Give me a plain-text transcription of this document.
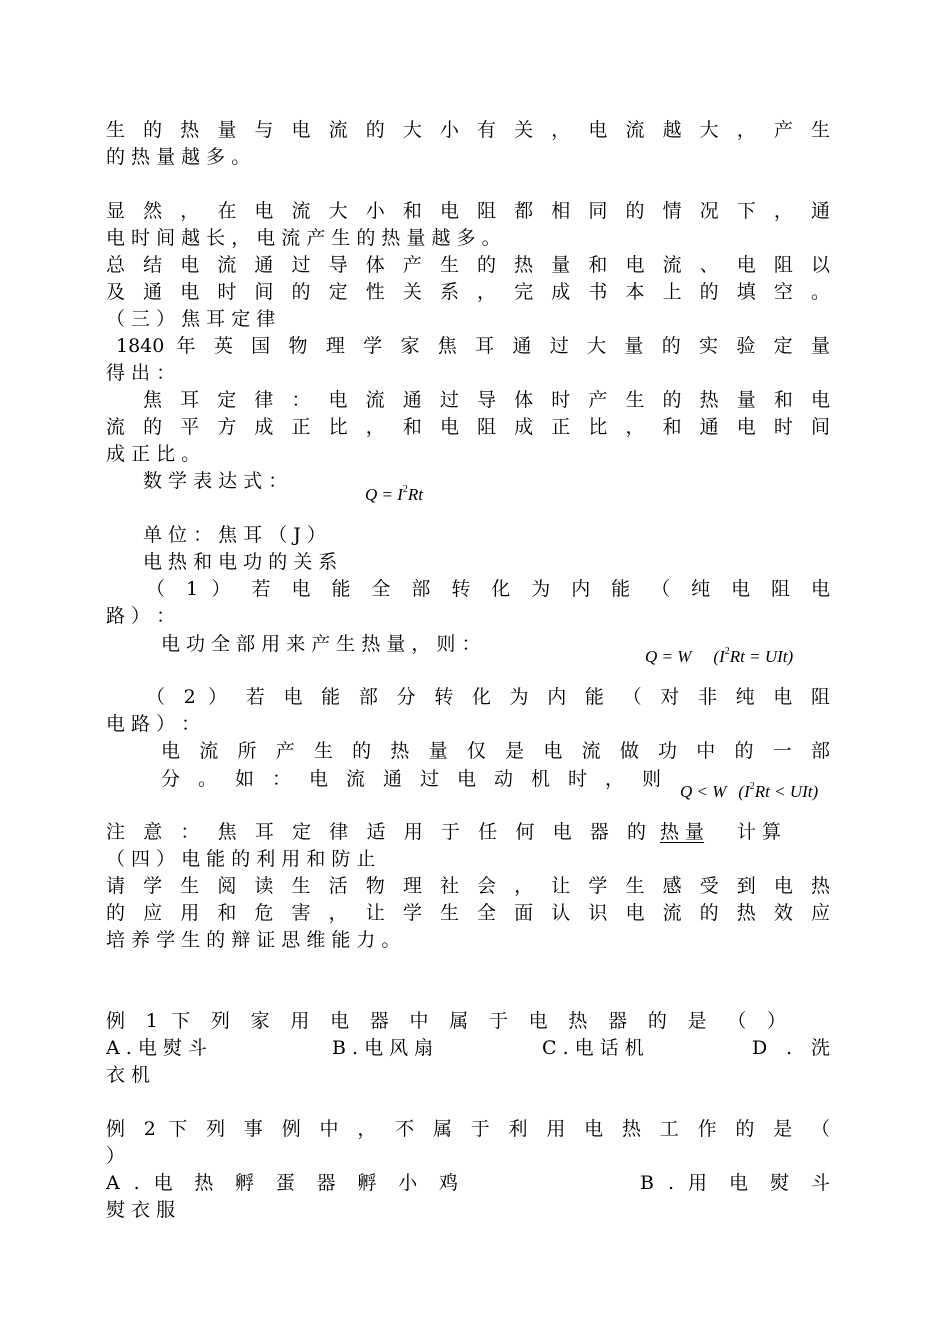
生 的 热 量 与 电 流 的 大 小 有 关 ， 电 流 越 大 ， 产 生
的 热 量 越 多 。
显 然 ， 在 电 流 大 小 和 电 阻 都 相 同 的 情 况 下 ， 通
电 时 间 越 长 ， 电 流 产 生 的 热 量 越 多 。
总 结 电 流 通 过 导 体 产 生 的 热 量 和 电 流 、 电 阻 以
及 通 电 时 间 的 定 性 关 系 ， 完 成 书 本 上 的 填 空 。
（ 三 ） 焦 耳 定 律
1840 年 英 国 物 理 学 家 焦 耳 通 过 大 量 的 实 验 定 量
得 出 ：
焦 耳 定 律 ： 电 流 通 过 导 体 时 产 生 的 热 量 和 电
流 的 平 方 成 正 比 ， 和 电 阻 成 正 比 ， 和 通 电 时 间
成 正 比 。
数 学 表 达 式 ：
$Q = I^2Rt$
单 位 ： 焦 耳 （ J ）
电 热 和 电 功 的 关 系
（ 1 ） 若 电 能 全 部 转 化 为 内 能 （ 纯 电 阻 电
路 ） ：
电 功 全 部 用 来 产 生 热 量 ， 则 ：
Q = W $(I^2Rt = UIt)$
（ 2 ） 若 电 能 部 分 转 化 为 内 能 （ 对 非 纯 电 阻
电 路 ） ：
电 流 所 产 生 的 热 量 仅 是 电 流 做 功 中 的 一 部
分 。 如 ： 电 流 通 过 电 动 机 时 ， 则
Q < W $(I^2Rt < UIt)$
注 意 ： 焦 耳 定 律 适 用 于 任 何 电 器 的 热 量	计 算
（ 四 ） 电 能 的 利 用 和 防 止
请 学 生 阅 读 生 活 物 理 社 会 ， 让 学 生 感 受 到 电 热
的 应 用 和 危 害 ， 让 学 生 全 面 认 识 电 流 的 热 效 应
培 养 学 生 的 辩 证 思 维 能 力 。
例 1 下 列 家 用 电 器 中 属 于 电 热 器 的 是 （ ）
A . 电 熨 斗	B . 电 风 扇	C . 电 话 机	D . 洗
衣 机
例 2 下 列 事 例 中 ， 不 属 于 利 用 电 热 工 作 的 是 （
）
A . 电 热 孵 蛋 器 孵 小 鸡	B . 用 电 熨 斗
熨 衣 服
